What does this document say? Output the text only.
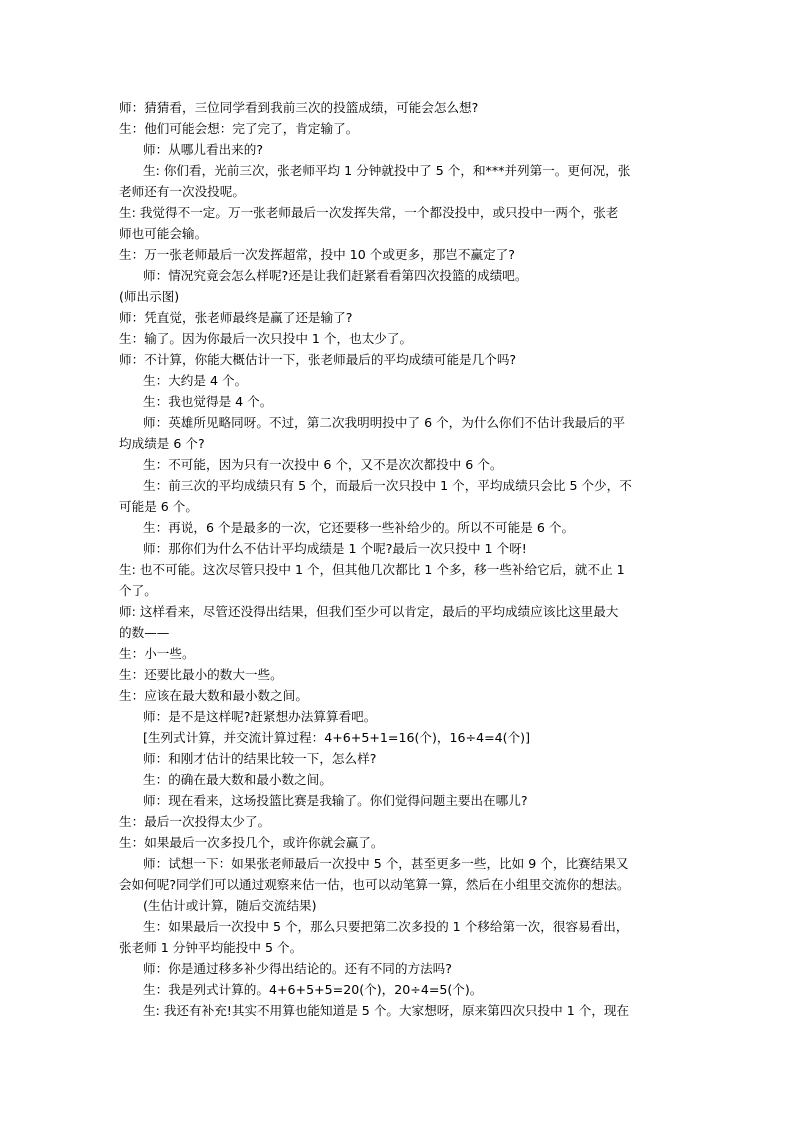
师：猜猜看，三位同学看到我前三次的投篮成绩，可能会怎么想?

生：他们可能会想：完了完了，肯定输了。

师：从哪儿看出来的?

生: 你们看，光前三次，张老师平均 1 分钟就投中了 5 个，和***并列第一。更何况，张

老师还有一次没投呢。

生: 我觉得不一定。万一张老师最后一次发挥失常，一个都没投中，或只投中一两个，张老

师也可能会输。

生：万一张老师最后一次发挥超常，投中 10 个或更多，那岂不赢定了?

师：情况究竟会怎么样呢?还是让我们赶紧看看第四次投篮的成绩吧。

(师出示图)

师：凭直觉，张老师最终是赢了还是输了?

生：输了。因为你最后一次只投中 1 个，也太少了。

师：不计算，你能大概估计一下，张老师最后的平均成绩可能是几个吗?

生：大约是 4 个。

生：我也觉得是 4 个。

师：英雄所见略同呀。不过，第二次我明明投中了 6 个，为什么你们不估计我最后的平

均成绩是 6 个?

生：不可能，因为只有一次投中 6 个，又不是次次都投中 6 个。

生：前三次的平均成绩只有 5 个，而最后一次只投中 1 个，平均成绩只会比 5 个少，不

可能是 6 个。

生：再说，6 个是最多的一次，它还要移一些补给少的。所以不可能是 6 个。

师：那你们为什么不估计平均成绩是 1 个呢?最后一次只投中 1 个呀!

生: 也不可能。这次尽管只投中 1 个，但其他几次都比 1 个多，移一些补给它后，就不止 1

个了。

师: 这样看来，尽管还没得出结果，但我们至少可以肯定，最后的平均成绩应该比这里最大

的数——

生：小一些。

生：还要比最小的数大一些。

生：应该在最大数和最小数之间。

师：是不是这样呢?赶紧想办法算算看吧。

[生列式计算，并交流计算过程：4+6+5+1=16(个)，16÷4=4(个)]

师：和刚才估计的结果比较一下，怎么样?

生：的确在最大数和最小数之间。

师：现在看来，这场投篮比赛是我输了。你们觉得问题主要出在哪儿?

生：最后一次投得太少了。

生：如果最后一次多投几个，或许你就会赢了。

师：试想一下：如果张老师最后一次投中 5 个，甚至更多一些，比如 9 个，比赛结果又

会如何呢?同学们可以通过观察来估一估，也可以动笔算一算，然后在小组里交流你的想法。

(生估计或计算，随后交流结果)

生：如果最后一次投中 5 个，那么只要把第二次多投的 1 个移给第一次，很容易看出，

张老师 1 分钟平均能投中 5 个。

师：你是通过移多补少得出结论的。还有不同的方法吗?

生：我是列式计算的。4+6+5+5=20(个)，20÷4=5(个)。

生: 我还有补充!其实不用算也能知道是 5 个。大家想呀，原来第四次只投中 1 个，现在
